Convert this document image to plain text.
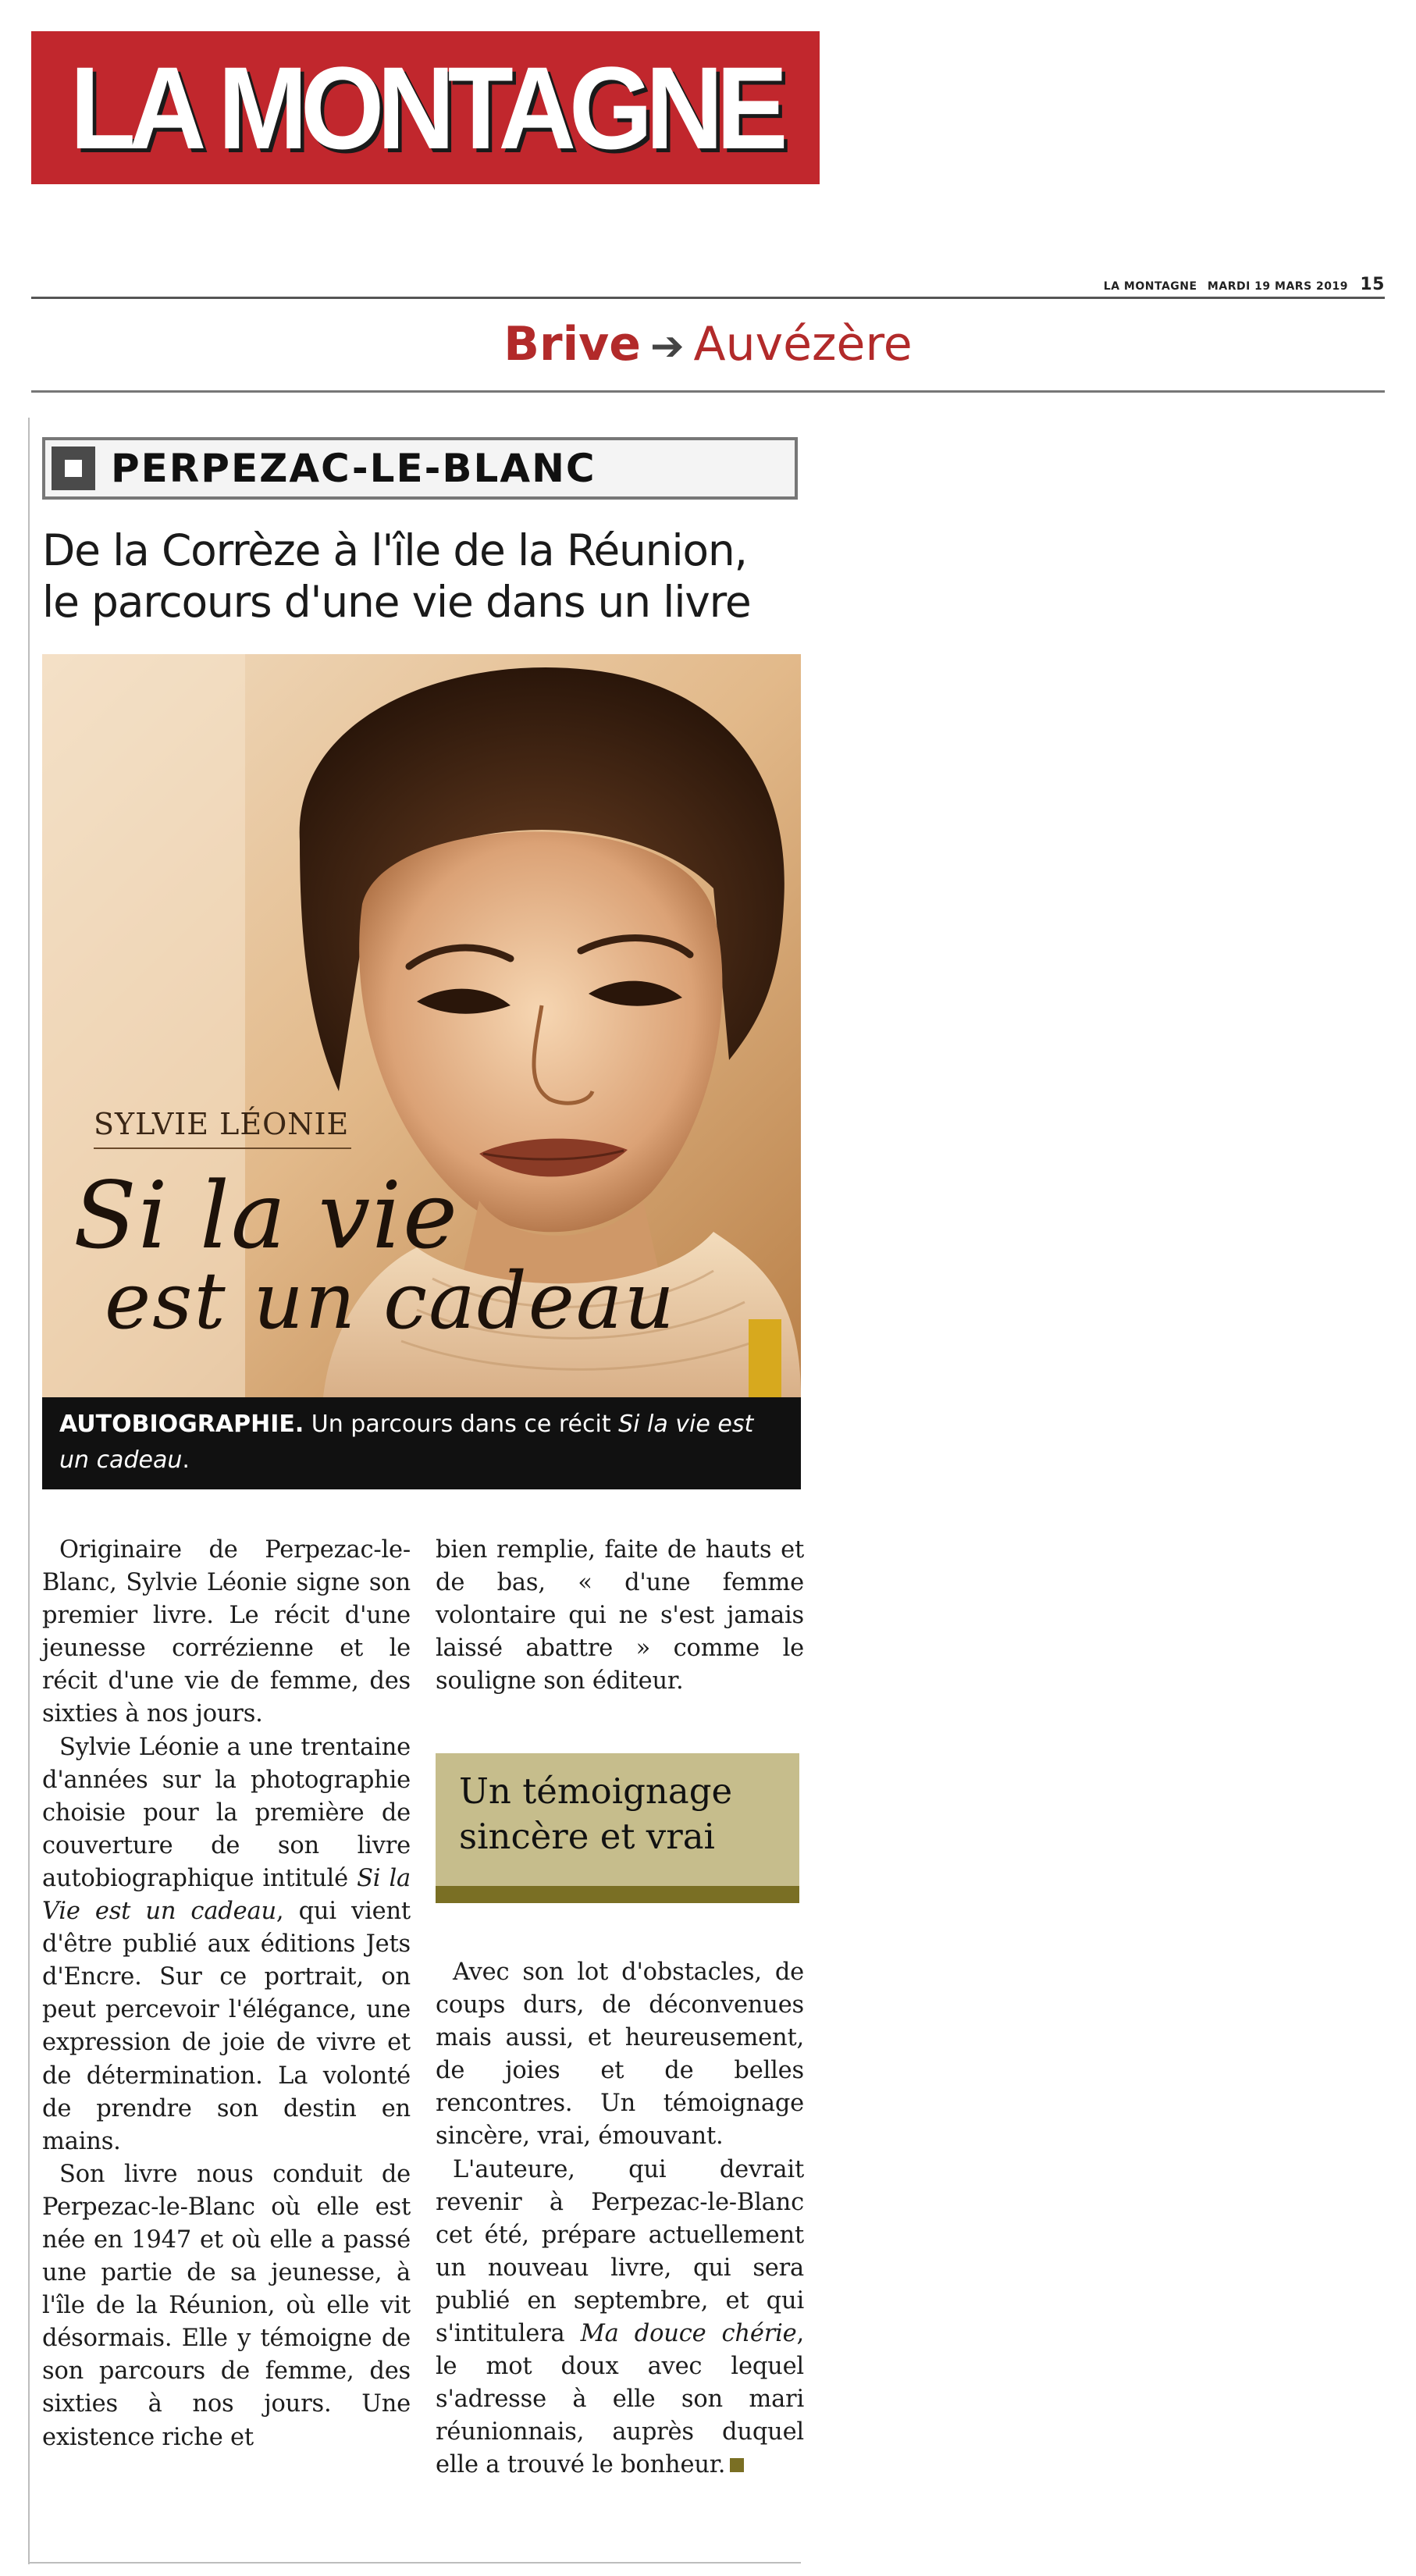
LA MONTAGNE
LA MONTAGNE MARDI 19 MARS 2019 15
Brive ➔ Auvézère
PERPEZAC-LE-BLANC
De la Corrèze à l'île de la Réunion,
le parcours d'une vie dans un livre
SYLVIE LÉONIE
Si la vie
est un cadeau
AUTOBIOGRAPHIE. Un parcours dans ce récit Si la vie est un cadeau.

Originaire de Perpezac-le-Blanc, Sylvie Léonie signe son premier livre. Le récit d'une jeunesse corrézienne et le récit d'une vie de femme, des sixties à nos jours.

Sylvie Léonie a une trentaine d'années sur la photographie choisie pour la première de couverture de son livre autobiographique intitulé Si la Vie est un cadeau, qui vient d'être publié aux éditions Jets d'Encre. Sur ce portrait, on peut percevoir l'élégance, une expression de joie de vivre et de détermination. La volonté de prendre son destin en mains.

Son livre nous conduit de Perpezac-le-Blanc où elle est née en 1947 et où elle a passé une partie de sa jeunesse, à l'île de la Réunion, où elle vit désormais. Elle y témoigne de son parcours de femme, des sixties à nos jours. Une existence riche et

bien remplie, faite de hauts et de bas, « d'une femme volontaire qui ne s'est jamais laissé abattre » comme le souligne son éditeur.

Un témoignage sincère et vrai

Avec son lot d'obstacles, de coups durs, de déconvenues mais aussi, et heureusement, de joies et de belles rencontres. Un témoignage sincère, vrai, émouvant.

L'auteure, qui devrait revenir à Perpezac-le-Blanc cet été, prépare actuellement un nouveau livre, qui sera publié en septembre, et qui s'intitulera Ma douce chérie, le mot doux avec lequel s'adresse à elle son mari réunionnais, auprès duquel elle a trouvé le bonheur.
